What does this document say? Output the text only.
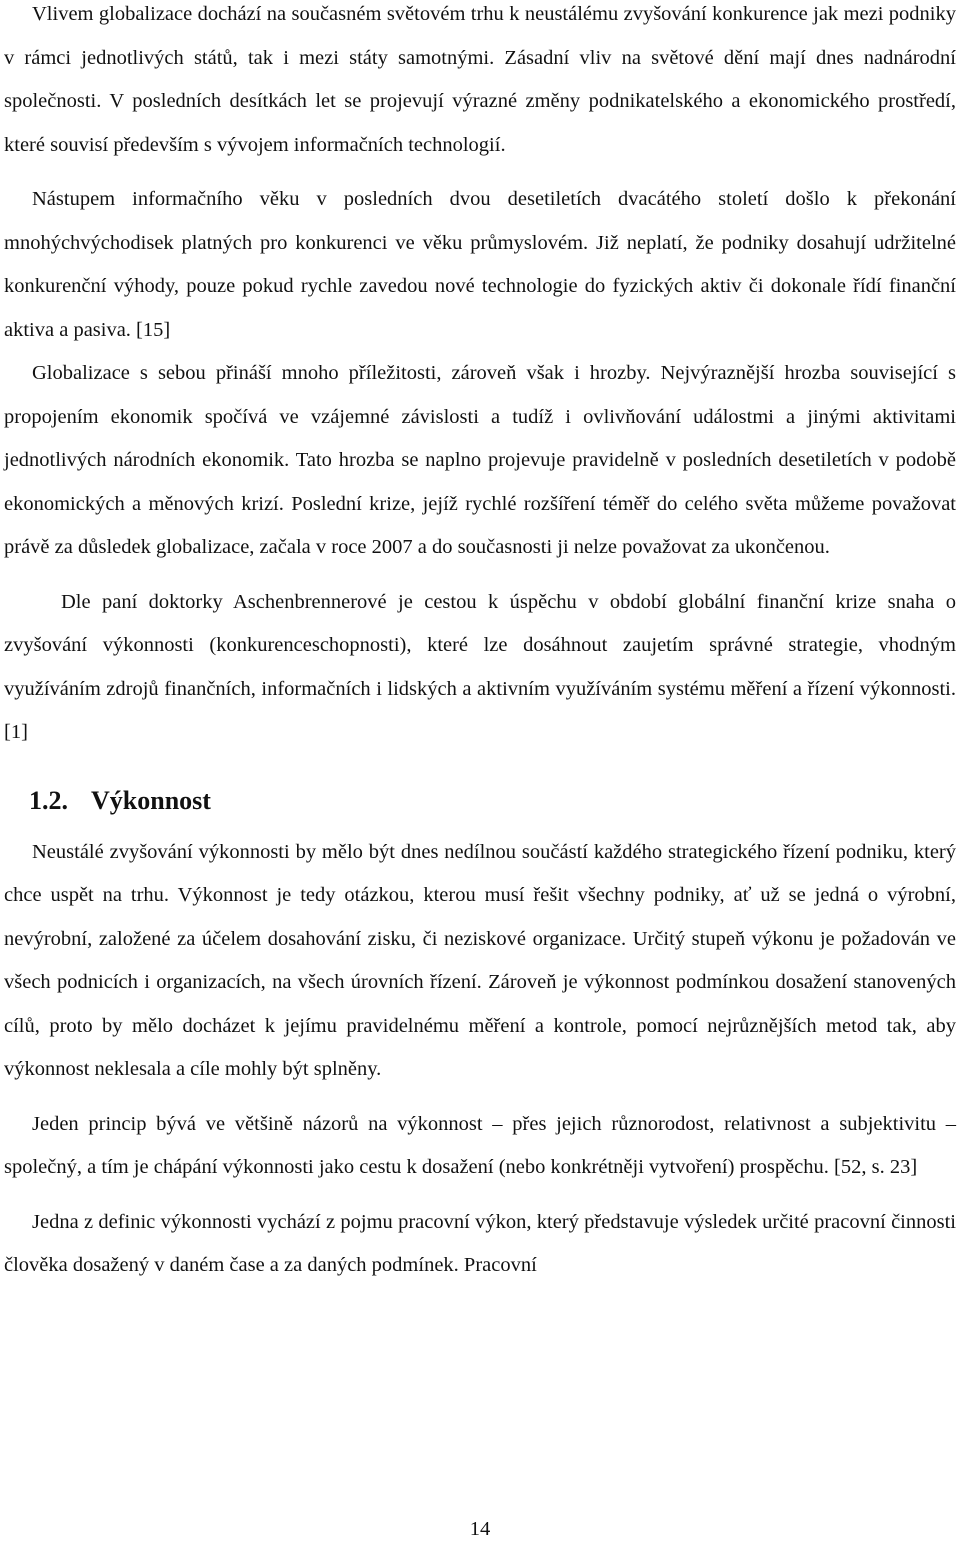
Vlivem globalizace dochází na současném světovém trhu k neustálému zvyšování konkurence jak mezi podniky v rámci jednotlivých států, tak i mezi státy samotnými. Zásadní vliv na světové dění mají dnes nadnárodní společnosti. V posledních desítkách let se projevují výrazné změny podnikatelského a ekonomického prostředí, které souvisí především s vývojem informačních technologií.

Nástupem informačního věku v posledních dvou desetiletích dvacátého století došlo k překonání mnohýchvýchodisek platných pro konkurenci ve věku průmyslovém. Již neplatí, že podniky dosahují udržitelné konkurenční výhody, pouze pokud rychle zavedou nové technologie do fyzických aktiv či dokonale řídí finanční aktiva a pasiva. [15]

Globalizace s sebou přináší mnoho příležitosti, zároveň však i hrozby. Nejvýraznější hrozba související s propojením ekonomik spočívá ve vzájemné závislosti a tudíž i ovlivňování událostmi a jinými aktivitami jednotlivých národních ekonomik. Tato hrozba se naplno projevuje pravidelně v posledních desetiletích v podobě ekonomických a měnových krizí. Poslední krize, jejíž rychlé rozšíření téměř do celého světa můžeme považovat právě za důsledek globalizace, začala v roce 2007 a do současnosti ji nelze považovat za ukončenou.

Dle paní doktorky Aschenbrennerové je cestou k úspěchu v období globální finanční krize snaha o zvyšování výkonnosti (konkurenceschopnosti), které lze dosáhnout zaujetím správné strategie, vhodným využíváním zdrojů finančních, informačních i lidských a aktivním využíváním systému měření a řízení výkonnosti. [1]

1.2. Výkonnost

Neustálé zvyšování výkonnosti by mělo být dnes nedílnou součástí každého strategického řízení podniku, který chce uspět na trhu. Výkonnost je tedy otázkou, kterou musí řešit všechny podniky, ať už se jedná o výrobní, nevýrobní, založené za účelem dosahování zisku, či neziskové organizace. Určitý stupeň výkonu je požadován ve všech podnicích i organizacích, na všech úrovních řízení. Zároveň je výkonnost podmínkou dosažení stanovených cílů, proto by mělo docházet k jejímu pravidelnému měření a kontrole, pomocí nejrůznějších metod tak, aby výkonnost neklesala a cíle mohly být splněny.

Jeden princip bývá ve většině názorů na výkonnost – přes jejich různorodost, relativnost a subjektivitu – společný, a tím je chápání výkonnosti jako cestu k dosažení (nebo konkrétněji vytvoření) prospěchu. [52, s. 23]

Jedna z definic výkonnosti vychází z pojmu pracovní výkon, který představuje výsledek určité pracovní činnosti člověka dosažený v daném čase a za daných podmínek. Pracovní

14
